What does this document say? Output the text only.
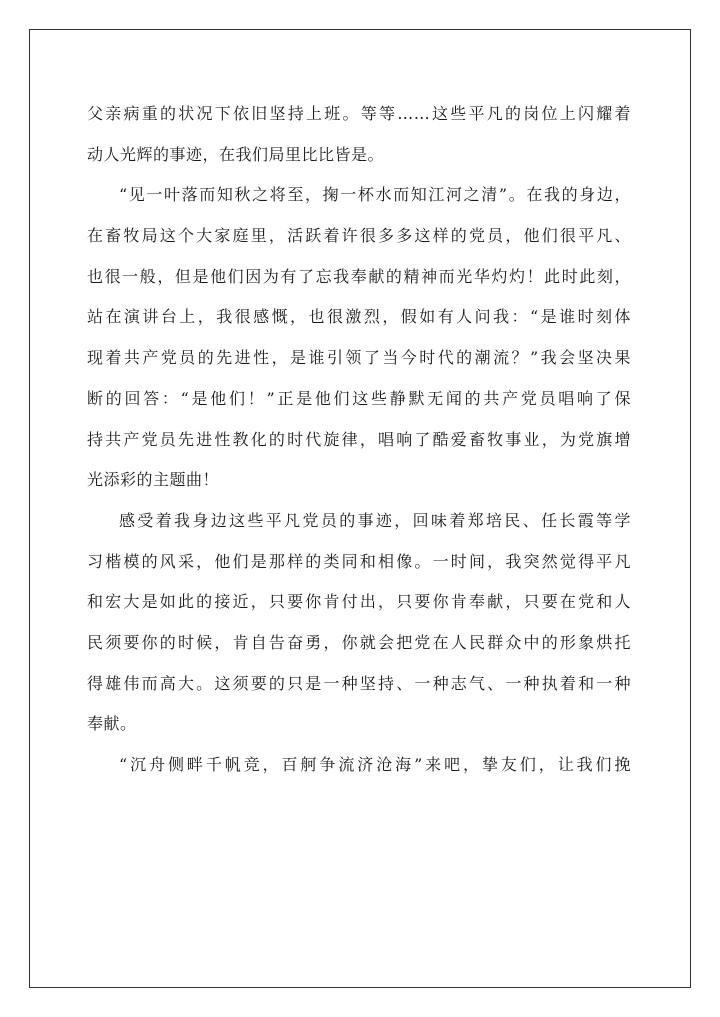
父亲病重的状况下依旧坚持上班。等等……这些平凡的岗位上闪耀着
动人光辉的事迹，在我们局里比比皆是。
“见一叶落而知秋之将至，掬一杯水而知江河之清”。在我的身边，
在畜牧局这个大家庭里，活跃着许很多多这样的党员，他们很平凡、
也很一般，但是他们因为有了忘我奉献的精神而光华灼灼！此时此刻，
站在演讲台上，我很感慨，也很激烈，假如有人问我：“是谁时刻体
现着共产党员的先进性，是谁引领了当今时代的潮流？”我会坚决果
断的回答：“是他们！”正是他们这些静默无闻的共产党员唱响了保
持共产党员先进性教化的时代旋律，唱响了酷爱畜牧事业，为党旗增
光添彩的主题曲！
感受着我身边这些平凡党员的事迹，回味着郑培民、任长霞等学
习楷模的风采，他们是那样的类同和相像。一时间，我突然觉得平凡
和宏大是如此的接近，只要你肯付出，只要你肯奉献，只要在党和人
民须要你的时候，肯自告奋勇，你就会把党在人民群众中的形象烘托
得雄伟而高大。这须要的只是一种坚持、一种志气、一种执着和一种
奉献。
“沉舟侧畔千帆竞，百舸争流济沧海”来吧，挚友们，让我们挽
